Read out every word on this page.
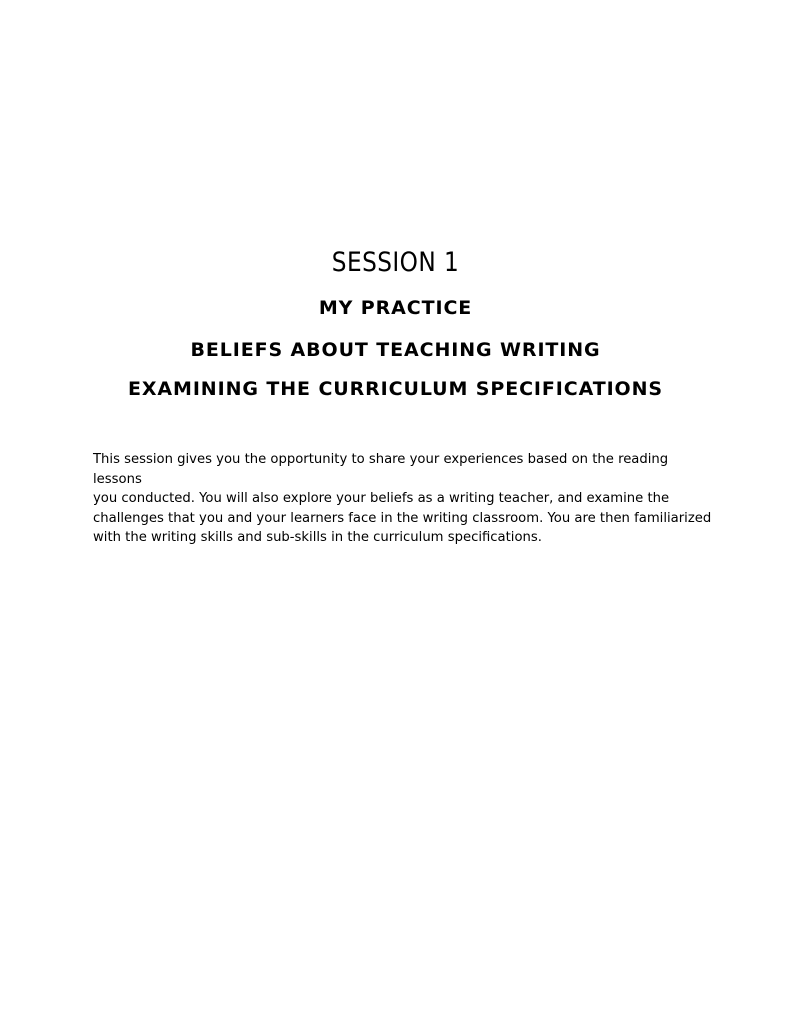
SESSION 1
MY PRACTICE
BELIEFS ABOUT TEACHING WRITING
EXAMINING THE CURRICULUM SPECIFICATIONS
This session gives you the opportunity to share your experiences based on the reading lessons
you conducted. You will also explore your beliefs as a writing teacher, and examine the
challenges that you and your learners face in the writing classroom. You are then familiarized
with the writing skills and sub-skills in the curriculum specifications.
